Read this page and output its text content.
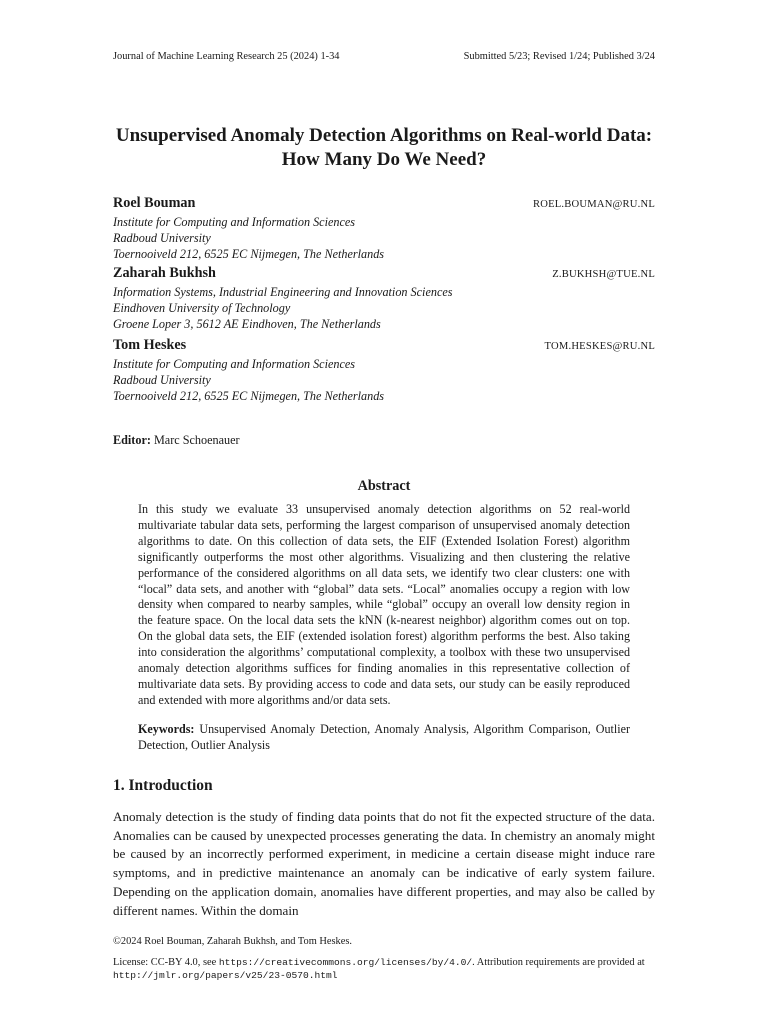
Journal of Machine Learning Research 25 (2024) 1-34	Submitted 5/23; Revised 1/24; Published 3/24
Unsupervised Anomaly Detection Algorithms on Real-world Data: How Many Do We Need?
Roel Bouman	ROEL.BOUMAN@RU.NL
Institute for Computing and Information Sciences
Radboud University
Toernooiveld 212, 6525 EC Nijmegen, The Netherlands
Zaharah Bukhsh	Z.BUKHSH@TUE.NL
Information Systems, Industrial Engineering and Innovation Sciences
Eindhoven University of Technology
Groene Loper 3, 5612 AE Eindhoven, The Netherlands
Tom Heskes	TOM.HESKES@RU.NL
Institute for Computing and Information Sciences
Radboud University
Toernooiveld 212, 6525 EC Nijmegen, The Netherlands
Editor: Marc Schoenauer
Abstract
In this study we evaluate 33 unsupervised anomaly detection algorithms on 52 real-world multivariate tabular data sets, performing the largest comparison of unsupervised anomaly detection algorithms to date. On this collection of data sets, the EIF (Extended Isolation Forest) algorithm significantly outperforms the most other algorithms. Visualizing and then clustering the relative performance of the considered algorithms on all data sets, we identify two clear clusters: one with “local” data sets, and another with “global” data sets. “Local” anomalies occupy a region with low density when compared to nearby samples, while “global” occupy an overall low density region in the feature space. On the local data sets the kNN (k-nearest neighbor) algorithm comes out on top. On the global data sets, the EIF (extended isolation forest) algorithm performs the best. Also taking into consideration the algorithms’ computational complexity, a toolbox with these two unsupervised anomaly detection algorithms suffices for finding anomalies in this representative collection of multivariate data sets. By providing access to code and data sets, our study can be easily reproduced and extended with more algorithms and/or data sets.
Keywords: Unsupervised Anomaly Detection, Anomaly Analysis, Algorithm Comparison, Outlier Detection, Outlier Analysis
1. Introduction
Anomaly detection is the study of finding data points that do not fit the expected structure of the data. Anomalies can be caused by unexpected processes generating the data. In chemistry an anomaly might be caused by an incorrectly performed experiment, in medicine a certain disease might induce rare symptoms, and in predictive maintenance an anomaly can be indicative of early system failure. Depending on the application domain, anomalies have different properties, and may also be called by different names. Within the domain
©2024 Roel Bouman, Zaharah Bukhsh, and Tom Heskes.
License: CC-BY 4.0, see https://creativecommons.org/licenses/by/4.0/. Attribution requirements are provided at http://jmlr.org/papers/v25/23-0570.html
